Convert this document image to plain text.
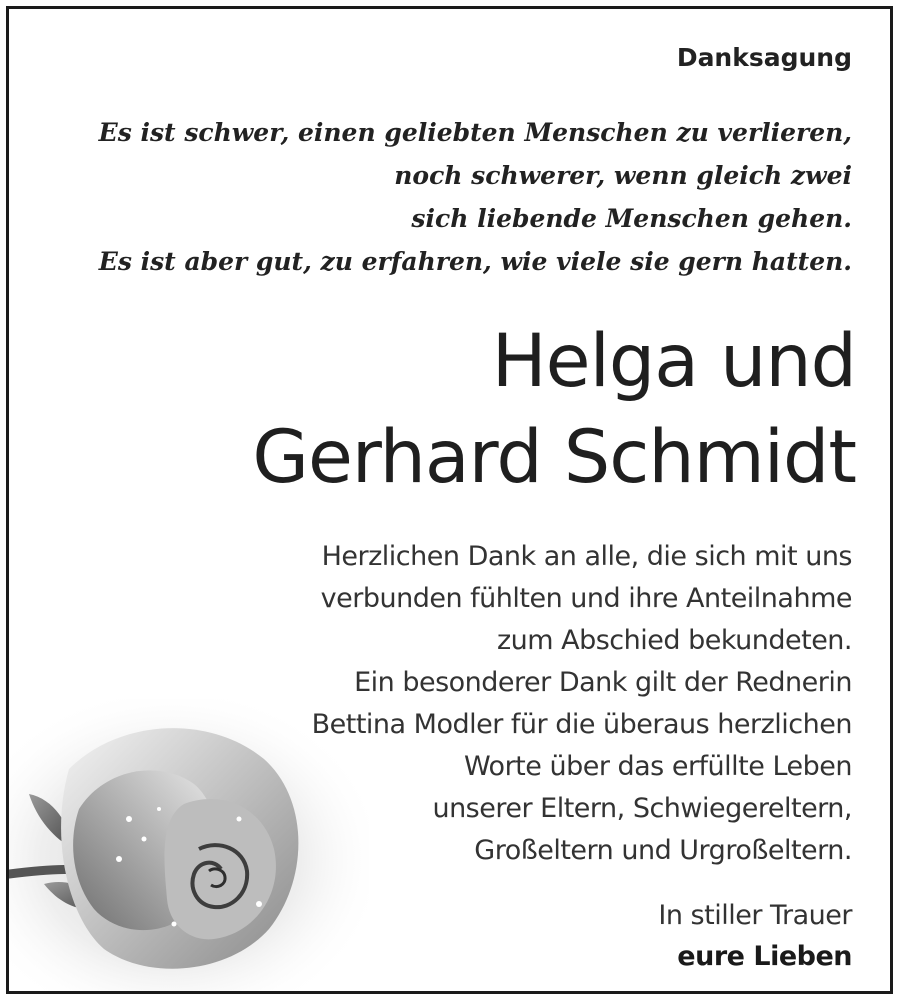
Danksagung
Es ist schwer, einen geliebten Menschen zu verlieren,
noch schwerer, wenn gleich zwei
sich liebende Menschen gehen.
Es ist aber gut, zu erfahren, wie viele sie gern hatten.
Helga und
Gerhard Schmidt
Herzlichen Dank an alle, die sich mit uns
verbunden fühlten und ihre Anteilnahme
zum Abschied bekundeten.
Ein besonderer Dank gilt der Rednerin
Bettina Modler für die überaus herzlichen
Worte über das erfüllte Leben
unserer Eltern, Schwiegereltern,
Großeltern und Urgroßeltern.
In stiller Trauer
eure Lieben
